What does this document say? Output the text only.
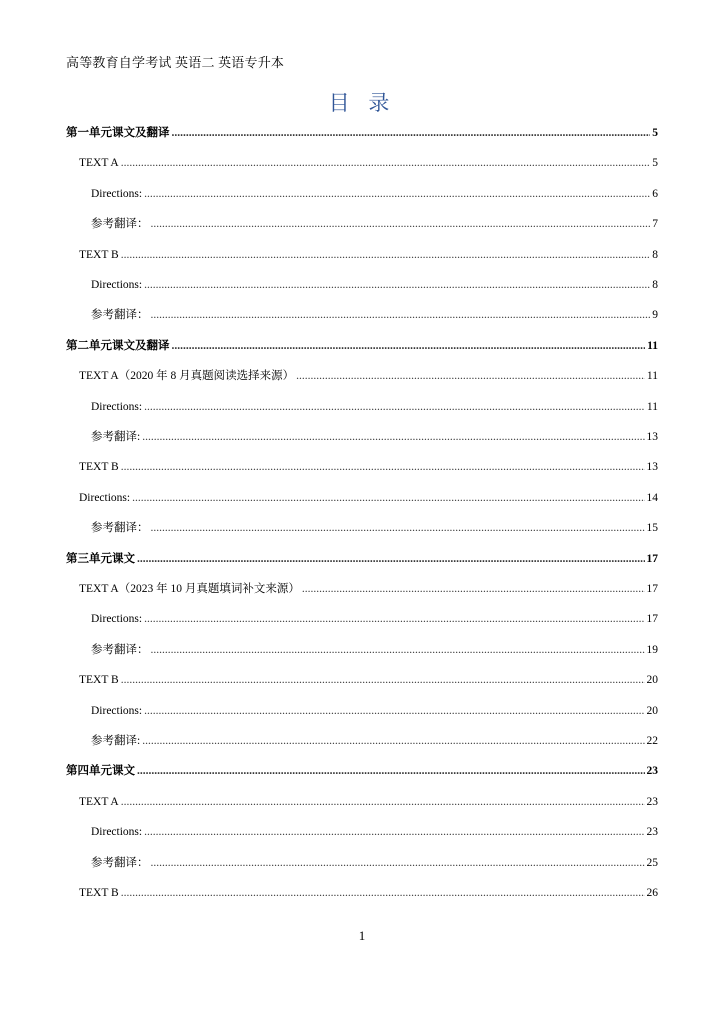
高等教育自学考试 英语二 英语专升本
目 录
第一单元课文及翻译 .....	5
TEXT A .....	5
Directions: .....	6
参考翻译： .....	7
TEXT B .....	8
Directions: .....	8
参考翻译： .....	9
第二单元课文及翻译 .....	11
TEXT A（2020 年 8 月真题阅读选择来源） .....	11
Directions: .....	11
参考翻译: .....	13
TEXT B .....	13
Directions: .....	14
参考翻译： .....	15
第三单元课文 .....	17
TEXT A（2023 年 10 月真题填词补文来源） .....	17
Directions: .....	17
参考翻译： .....	19
TEXT B .....	20
Directions: .....	20
参考翻译: .....	22
第四单元课文 .....	23
TEXT A .....	23
Directions: .....	23
参考翻译： .....	25
TEXT B .....	26
1
